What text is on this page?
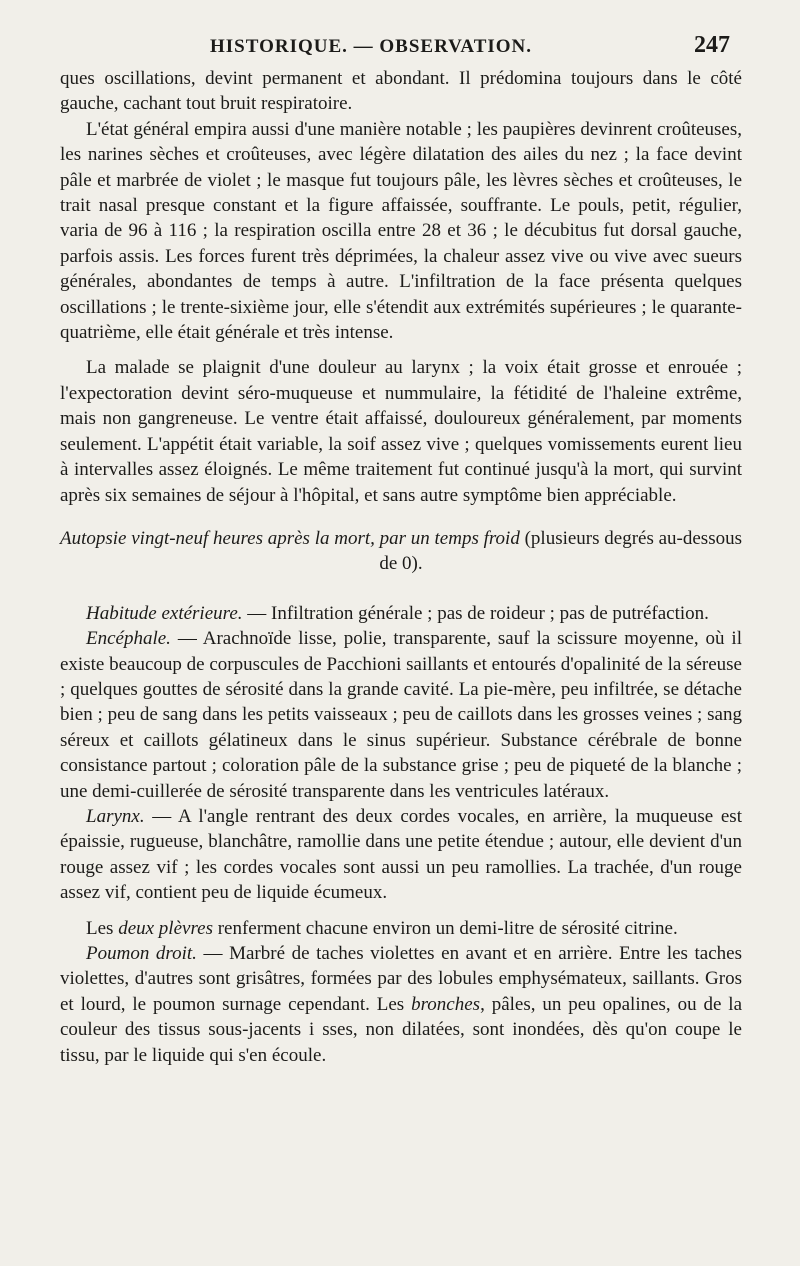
HISTORIQUE. — OBSERVATION.	247

ques oscillations, devint permanent et abondant. Il prédomina toujours dans le côté gauche, cachant tout bruit respiratoire.

L'état général empira aussi d'une manière notable ; les paupières devinrent croûteuses, les narines sèches et croûteuses, avec légère dilatation des ailes du nez ; la face devint pâle et marbrée de violet ; le masque fut toujours pâle, les lèvres sèches et croûteuses, le trait nasal presque constant et la figure affaissée, souffrante. Le pouls, petit, régulier, varia de 96 à 116 ; la respiration oscilla entre 28 et 36 ; le décubitus fut dorsal gauche, parfois assis. Les forces furent très déprimées, la chaleur assez vive ou vive avec sueurs générales, abondantes de temps à autre. L'infiltration de la face présenta quelques oscillations ; le trente-sixième jour, elle s'étendit aux extrémités supérieures ; le quarante-quatrième, elle était générale et très intense.

La malade se plaignit d'une douleur au larynx ; la voix était grosse et enrouée ; l'expectoration devint séro-muqueuse et nummulaire, la fétidité de l'haleine extrême, mais non gangreneuse. Le ventre était affaissé, douloureux généralement, par moments seulement. L'appétit était variable, la soif assez vive ; quelques vomissements eurent lieu à intervalles assez éloignés. Le même traitement fut continué jusqu'à la mort, qui survint après six semaines de séjour à l'hôpital, et sans autre symptôme bien appréciable.

Autopsie vingt-neuf heures après la mort, par un temps froid (plusieurs degrés au-dessous de 0).

Habitude extérieure. — Infiltration générale ; pas de roideur ; pas de putréfaction.

Encéphale. — Arachnoïde lisse, polie, transparente, sauf la scissure moyenne, où il existe beaucoup de corpuscules de Pacchioni saillants et entourés d'opalinité de la séreuse ; quelques gouttes de sérosité dans la grande cavité. La pie-mère, peu infiltrée, se détache bien ; peu de sang dans les petits vaisseaux ; peu de caillots dans les grosses veines ; sang séreux et caillots gélatineux dans le sinus supérieur. Substance cérébrale de bonne consistance partout ; coloration pâle de la substance grise ; peu de piqueté de la blanche ; une demi-cuillerée de sérosité transparente dans les ventricules latéraux.

Larynx. — A l'angle rentrant des deux cordes vocales, en arrière, la muqueuse est épaissie, rugueuse, blanchâtre, ramollie dans une petite étendue ; autour, elle devient d'un rouge assez vif ; les cordes vocales sont aussi un peu ramollies. La trachée, d'un rouge assez vif, contient peu de liquide écumeux.

Les deux plèvres renferment chacune environ un demi-litre de sérosité citrine.

Poumon droit. — Marbré de taches violettes en avant et en arrière. Entre les taches violettes, d'autres sont grisâtres, formées par des lobules emphysémateux, saillants. Gros et lourd, le poumon surnage cependant. Les bronches, pâles, un peu opalines, ou de la couleur des tissus sous-jacents i sses, non dilatées, sont inondées, dès qu'on coupe le tissu, par le liquide qui s'en écoule.
